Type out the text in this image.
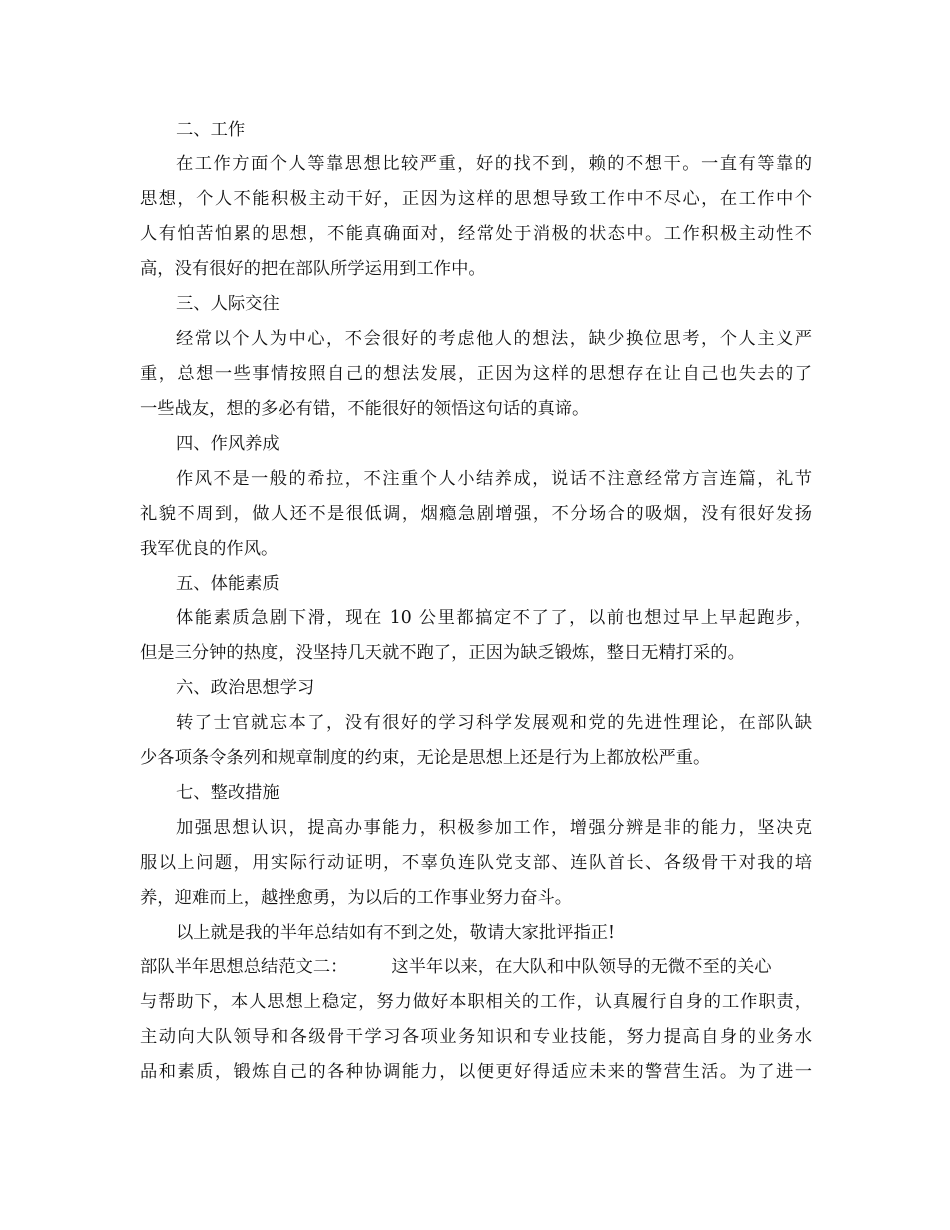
二、工作
在工作方面个人等靠思想比较严重，好的找不到，赖的不想干。一直有等靠的
思想，个人不能积极主动干好，正因为这样的思想导致工作中不尽心，在工作中个
人有怕苦怕累的思想，不能真确面对，经常处于消极的状态中。工作积极主动性不
高，没有很好的把在部队所学运用到工作中。
三、人际交往
经常以个人为中心，不会很好的考虑他人的想法，缺少换位思考，个人主义严
重，总想一些事情按照自己的想法发展，正因为这样的思想存在让自己也失去的了
一些战友，想的多必有错，不能很好的领悟这句话的真谛。
四、作风养成
作风不是一般的希拉，不注重个人小结养成，说话不注意经常方言连篇，礼节
礼貌不周到，做人还不是很低调，烟瘾急剧增强，不分场合的吸烟，没有很好发扬
我军优良的作风。
五、体能素质
体能素质急剧下滑，现在 10 公里都搞定不了了，以前也想过早上早起跑步，
但是三分钟的热度，没坚持几天就不跑了，正因为缺乏锻炼，整日无精打采的。
六、政治思想学习
转了士官就忘本了，没有很好的学习科学发展观和党的先进性理论，在部队缺
少各项条令条列和规章制度的约束，无论是思想上还是行为上都放松严重。
七、整改措施
加强思想认识，提高办事能力，积极参加工作，增强分辨是非的能力，坚决克
服以上问题，用实际行动证明，不辜负连队党支部、连队首长、各级骨干对我的培
养，迎难而上，越挫愈勇，为以后的工作事业努力奋斗。
以上就是我的半年总结如有不到之处，敬请大家批评指正!
部队半年思想总结范文二：	这半年以来，在大队和中队领导的无微不至的关心
与帮助下，本人思想上稳定，努力做好本职相关的工作，认真履行自身的工作职责，
主动向大队领导和各级骨干学习各项业务知识和专业技能，努力提高自身的业务水
品和素质，锻炼自己的各种协调能力，以便更好得适应未来的警营生活。为了进一
